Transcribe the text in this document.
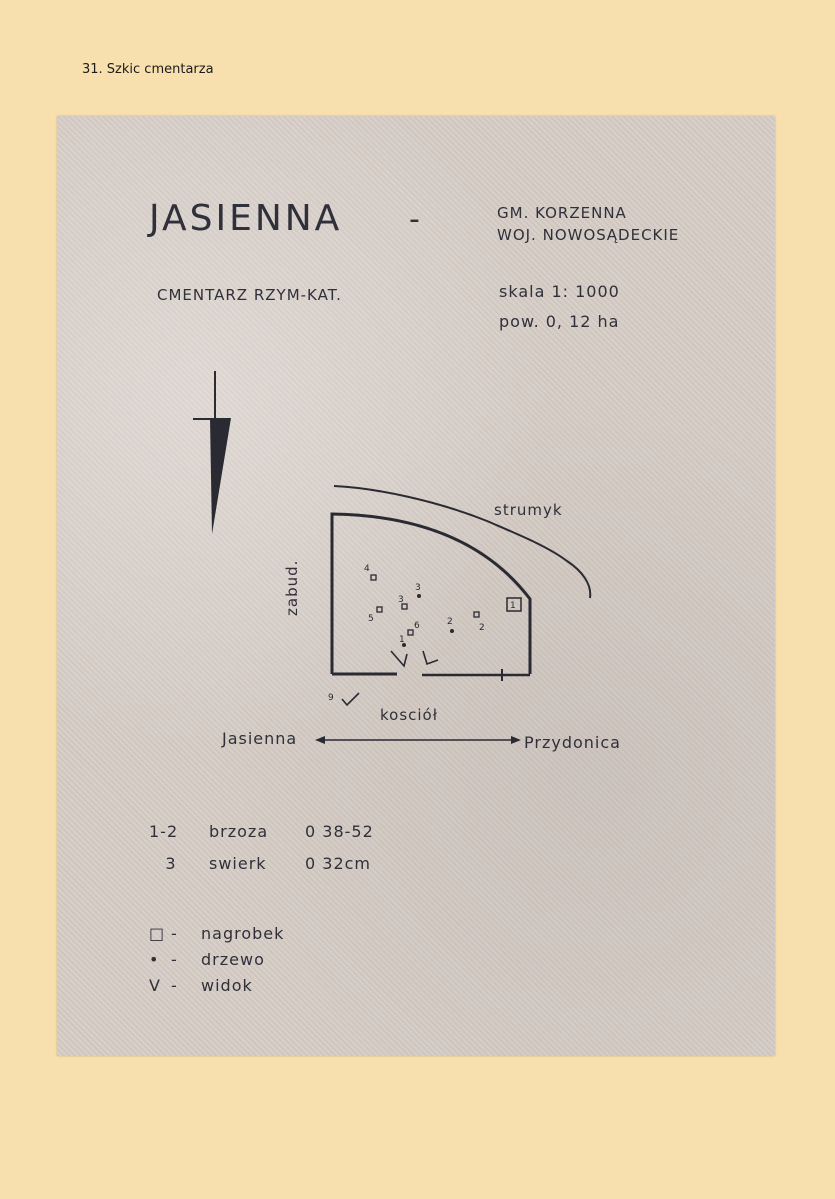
31. Szkic cmentarza
4
3
3
5
6	2
2
1
1
9
JASIENNA -	GM. KORZENNA
WOJ. NOWOSĄDECKIE
CMENTARZ RZYM-KAT.	skala 1: 1000
pow. 0, 12 ha
strumyk
zabud.
kosciół
Jasienna	Przydonica
1-2 brzoza 0 38-52
3 swierk 0 32cm
□ - nagrobek
• - drzewo
V - widok
